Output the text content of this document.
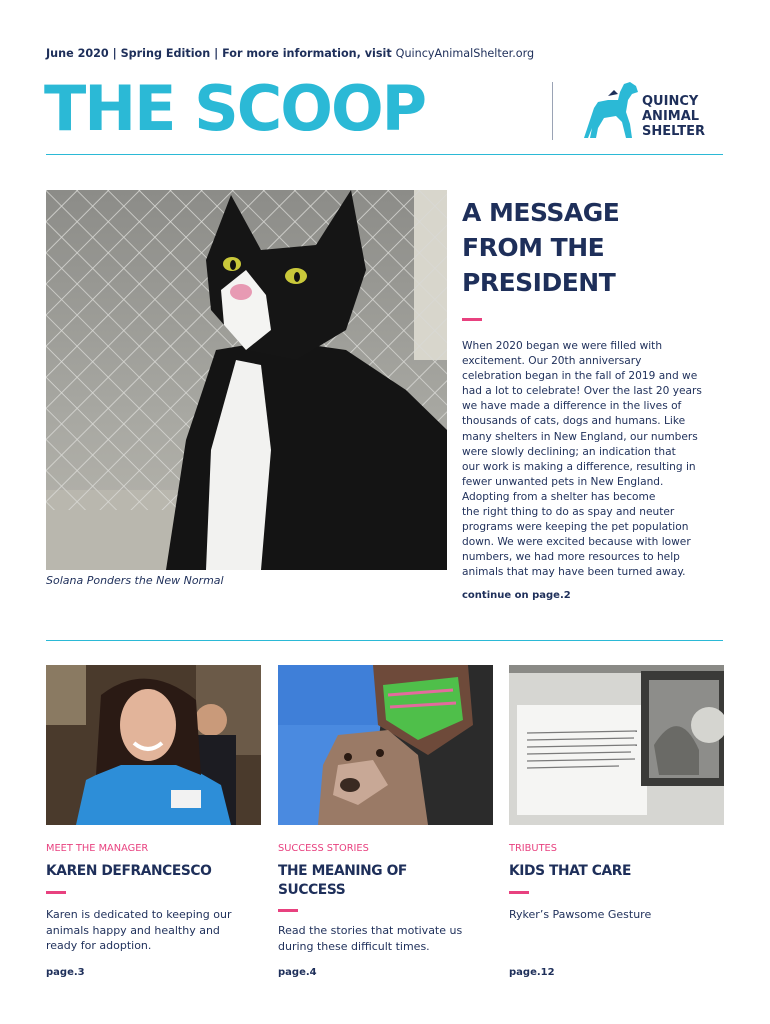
June 2020 | Spring Edition | For more information, visit QuincyAnimalShelter.org
THE SCOOP	QUINCY
ANIMAL
SHELTER
Solana Ponders the New Normal
A MESSAGE
FROM THE
PRESIDENT
When 2020 began we were filled with
excitement. Our 20th anniversary
celebration began in the fall of 2019 and we
had a lot to celebrate! Over the last 20 years
we have made a difference in the lives of
thousands of cats, dogs and humans. Like
many shelters in New England, our numbers
were slowly declining; an indication that
our work is making a difference, resulting in
fewer unwanted pets in New England.
Adopting from a shelter has become
the right thing to do as spay and neuter
programs were keeping the pet population
down. We were excited because with lower
numbers, we had more resources to help
animals that may have been turned away.
continue on page.2
MEET THE MANAGER
KAREN DEFRANCESCO
Karen is dedicated to keeping our
animals happy and healthy and
ready for adoption.
page.3
SUCCESS STORIES
THE MEANING OF
SUCCESS
Read the stories that motivate us
during these difficult times.
page.4
TRIBUTES
KIDS THAT CARE
Ryker’s Pawsome Gesture
page.12
